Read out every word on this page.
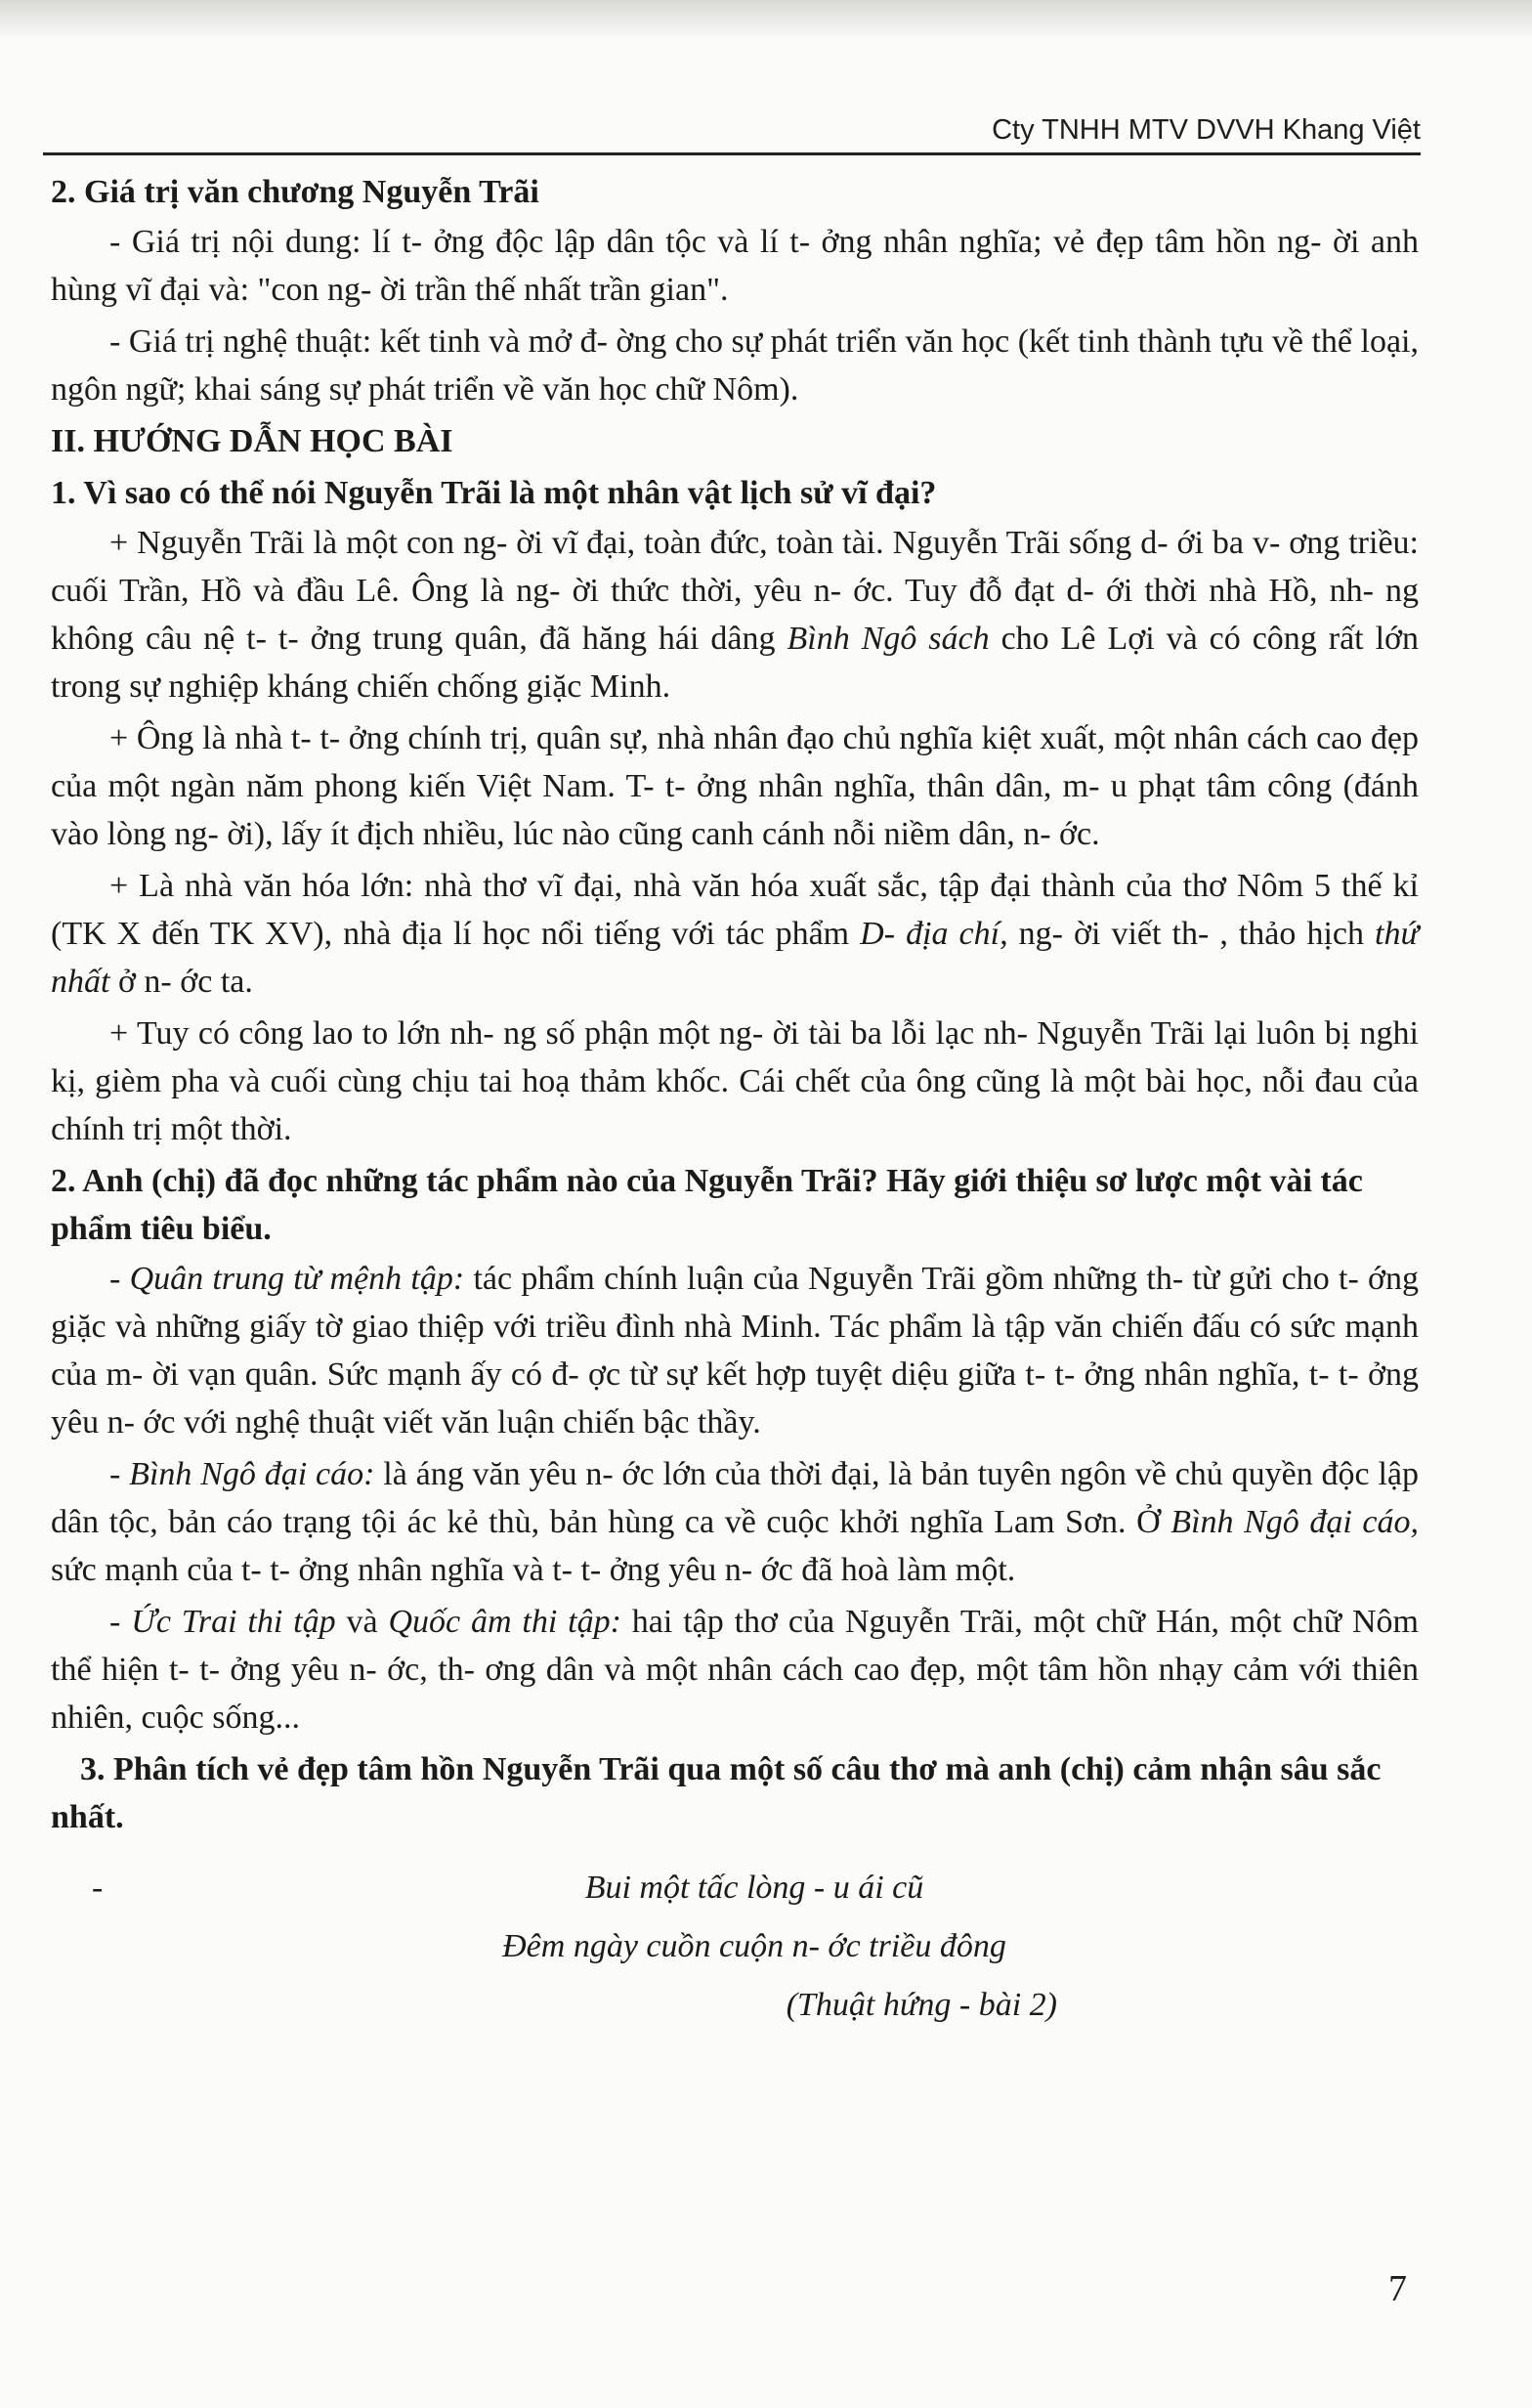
Cty TNHH MTV DVVH Khang Việt
2. Giá trị văn chương Nguyễn Trãi
- Giá trị nội dung: lí t- ởng độc lập dân tộc và lí t- ởng nhân nghĩa; vẻ đẹp tâm hồn ng- ời anh hùng vĩ đại và: "con ng- ời trần thế nhất trần gian".
- Giá trị nghệ thuật: kết tinh và mở đ- ờng cho sự phát triển văn học (kết tinh thành tựu về thể loại, ngôn ngữ; khai sáng sự phát triển về văn học chữ Nôm).
II. HƯỚNG DẪN HỌC BÀI
1. Vì sao có thể nói Nguyễn Trãi là một nhân vật lịch sử vĩ đại?
+ Nguyễn Trãi là một con ng- ời vĩ đại, toàn đức, toàn tài. Nguyễn Trãi sống d- ới ba v- ơng triều: cuối Trần, Hồ và đầu Lê. Ông là ng- ời thức thời, yêu n- ớc. Tuy đỗ đạt d- ới thời nhà Hồ, nh- ng không câu nệ t- t- ởng trung quân, đã hăng hái dâng Bình Ngô sách cho Lê Lợi và có công rất lớn trong sự nghiệp kháng chiến chống giặc Minh.
+ Ông là nhà t- t- ởng chính trị, quân sự, nhà nhân đạo chủ nghĩa kiệt xuất, một nhân cách cao đẹp của một ngàn năm phong kiến Việt Nam. T- t- ởng nhân nghĩa, thân dân, m- u phạt tâm công (đánh vào lòng ng- ời), lấy ít địch nhiều, lúc nào cũng canh cánh nỗi niềm dân, n- ớc.
+ Là nhà văn hóa lớn: nhà thơ vĩ đại, nhà văn hóa xuất sắc, tập đại thành của thơ Nôm 5 thế kỉ (TK X đến TK XV), nhà địa lí học nổi tiếng với tác phẩm D- địa chí, ng- ời viết th- , thảo hịch thứ nhất ở n- ớc ta.
+ Tuy có công lao to lớn nh- ng số phận một ng- ời tài ba lỗi lạc nh- Nguyễn Trãi lại luôn bị nghi kị, gièm pha và cuối cùng chịu tai hoạ thảm khốc. Cái chết của ông cũng là một bài học, nỗi đau của chính trị một thời.
2. Anh (chị) đã đọc những tác phẩm nào của Nguyễn Trãi? Hãy giới thiệu sơ lược một vài tác phẩm tiêu biểu.
- Quân trung từ mệnh tập: tác phẩm chính luận của Nguyễn Trãi gồm những th- từ gửi cho t- ớng giặc và những giấy tờ giao thiệp với triều đình nhà Minh. Tác phẩm là tập văn chiến đấu có sức mạnh của m- ời vạn quân. Sức mạnh ấy có đ- ợc từ sự kết hợp tuyệt diệu giữa t- t- ởng nhân nghĩa, t- t- ởng yêu n- ớc với nghệ thuật viết văn luận chiến bậc thầy.
- Bình Ngô đại cáo: là áng văn yêu n- ớc lớn của thời đại, là bản tuyên ngôn về chủ quyền độc lập dân tộc, bản cáo trạng tội ác kẻ thù, bản hùng ca về cuộc khởi nghĩa Lam Sơn. Ở Bình Ngô đại cáo, sức mạnh của t- t- ởng nhân nghĩa và t- t- ởng yêu n- ớc đã hoà làm một.
- Ức Trai thi tập và Quốc âm thi tập: hai tập thơ của Nguyễn Trãi, một chữ Hán, một chữ Nôm thể hiện t- t- ởng yêu n- ớc, th- ơng dân và một nhân cách cao đẹp, một tâm hồn nhạy cảm với thiên nhiên, cuộc sống...
3. Phân tích vẻ đẹp tâm hồn Nguyễn Trãi qua một số câu thơ mà anh (chị) cảm nhận sâu sắc nhất.
-	Bui một tấc lòng - u ái cũ
Đêm ngày cuồn cuộn n- ớc triều đông
(Thuật hứng - bài 2)
7
